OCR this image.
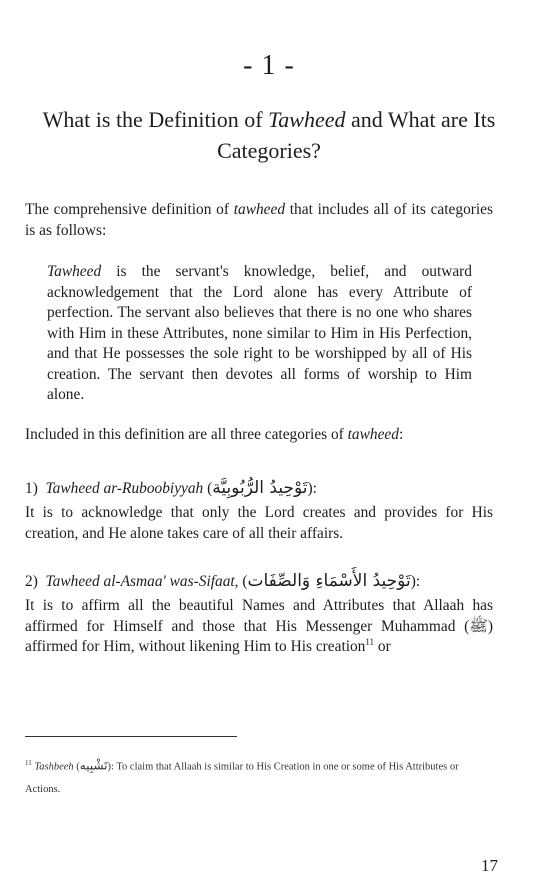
- 1 -
What is the Definition of Tawheed and What are Its Categories?

The comprehensive definition of tawheed that includes all of its categories is as follows:

Tawheed is the servant's knowledge, belief, and outward acknowledgement that the Lord alone has every Attribute of perfection. The servant also believes that there is no one who shares with Him in these Attributes, none similar to Him in His Perfection, and that He possesses the sole right to be worshipped by all of His creation. The servant then devotes all forms of worship to Him alone.

Included in this definition are all three categories of tawheed:

1) Tawheed ar-Ruboobiyyah (تَوْحِيدُ الرُّبُوبِيَّة):

It is to acknowledge that only the Lord creates and provides for His creation, and He alone takes care of all their affairs.

2) Tawheed al-Asmaa' was-Sifaat, (تَوْحِيدُ الأَسْمَاءِ وَالصِّفَات):

It is to affirm all the beautiful Names and Attributes that Allaah has affirmed for Himself and those that His Messenger Muhammad (ﷺ) affirmed for Him, without likening Him to His creation$^{11}$ or

$^{11}$ Tashbeeh (تَشْبِيه): To claim that Allaah is similar to His Creation in one or some of His Attributes or Actions.
17
